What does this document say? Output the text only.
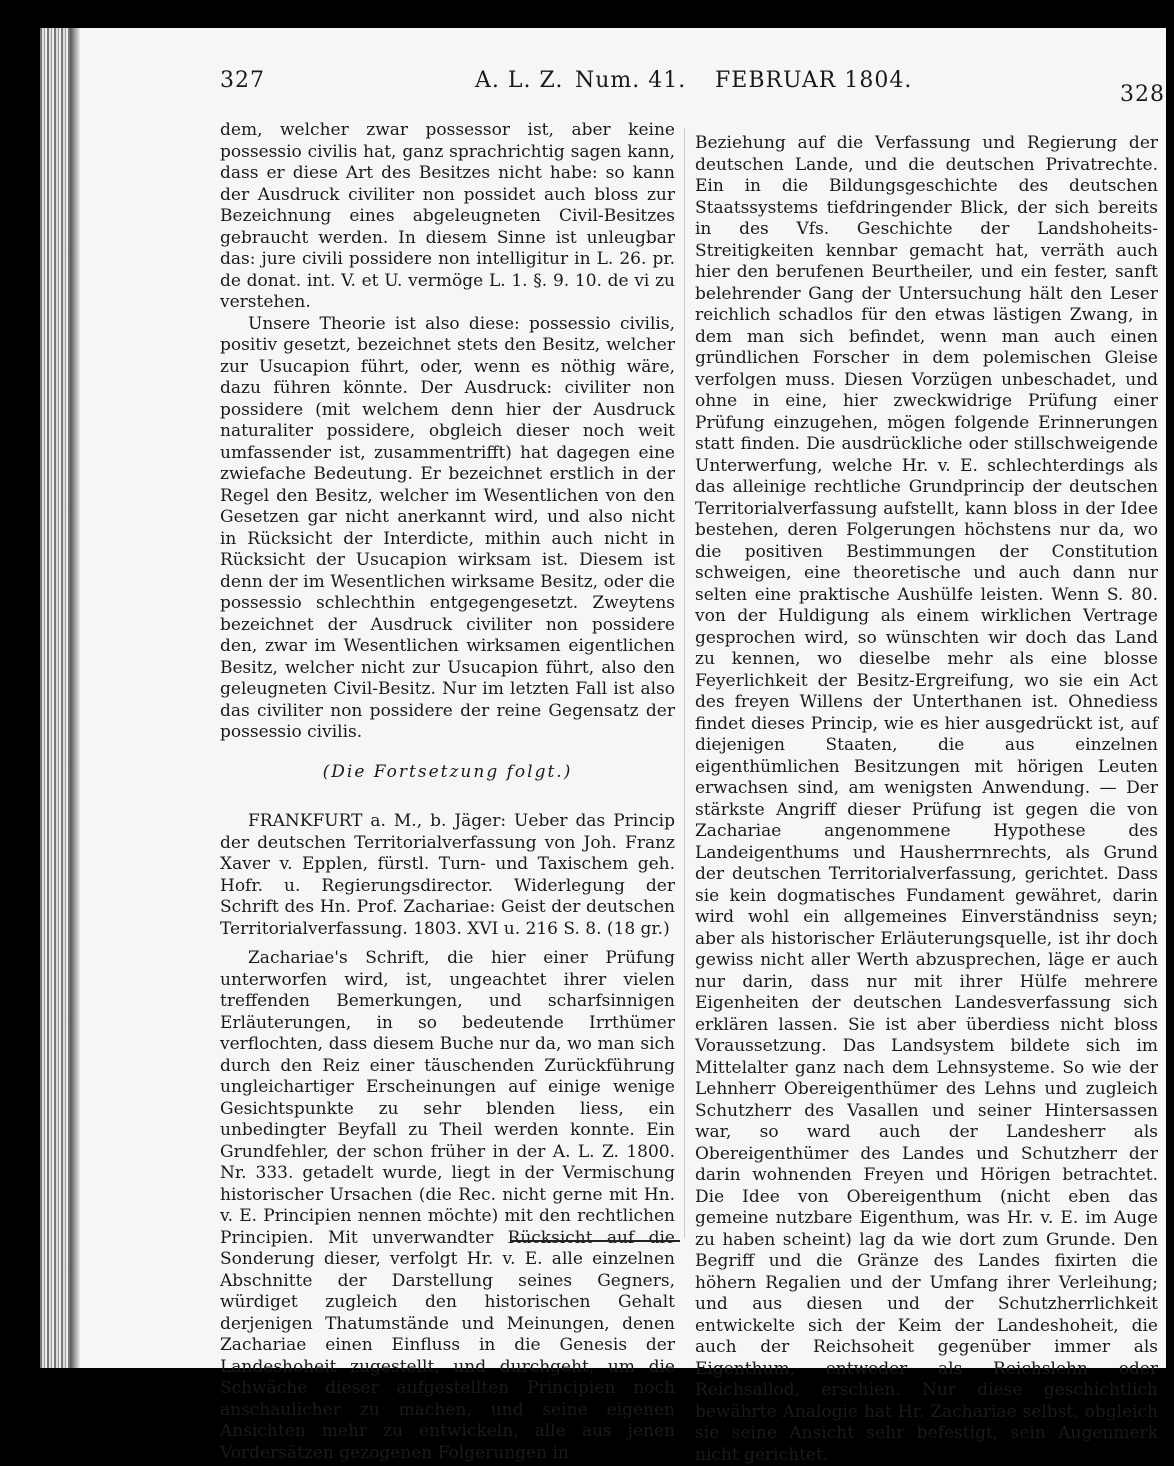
327	A. L. Z. Num. 41. FEBRUAR 1804.
328

dem, welcher zwar possessor ist, aber keine possessio civilis hat, ganz sprachrichtig sagen kann, dass er diese Art des Besitzes nicht habe: so kann der Ausdruck civiliter non possidet auch bloss zur Bezeichnung eines abgeleugneten Civil-Besitzes gebraucht werden. In diesem Sinne ist unleugbar das: jure civili possidere non intelligitur in L. 26. pr. de donat. int. V. et U. vermöge L. 1. §. 9. 10. de vi zu verstehen.

Unsere Theorie ist also diese: possessio civilis, positiv gesetzt, bezeichnet stets den Besitz, welcher zur Usucapion führt, oder, wenn es nöthig wäre, dazu führen könnte. Der Ausdruck: civiliter non possidere (mit welchem denn hier der Ausdruck naturaliter possidere, obgleich dieser noch weit umfassender ist, zusammentrifft) hat dagegen eine zwiefache Bedeutung. Er bezeichnet erstlich in der Regel den Besitz, welcher im Wesentlichen von den Gesetzen gar nicht anerkannt wird, und also nicht in Rücksicht der Interdicte, mithin auch nicht in Rücksicht der Usucapion wirksam ist. Diesem ist denn der im Wesentlichen wirksame Besitz, oder die possessio schlechthin entgegengesetzt. Zweytens bezeichnet der Ausdruck civiliter non possidere den, zwar im Wesentlichen wirksamen eigentlichen Besitz, welcher nicht zur Usucapion führt, also den geleugneten Civil-Besitz. Nur im letzten Fall ist also das civiliter non possidere der reine Gegensatz der possessio civilis.

(Die Fortsetzung folgt.)

FRANKFURT a. M., b. Jäger: Ueber das Princip der deutschen Territorialverfassung von Joh. Franz Xaver v. Epplen, fürstl. Turn- und Taxischem geh. Hofr. u. Regierungsdirector. Widerlegung der Schrift des Hn. Prof. Zachariae: Geist der deutschen Territorialverfassung. 1803. XVI u. 216 S. 8. (18 gr.)

Zachariae's Schrift, die hier einer Prüfung unterworfen wird, ist, ungeachtet ihrer vielen treffenden Bemerkungen, und scharfsinnigen Erläuterungen, in so bedeutende Irrthümer verflochten, dass diesem Buche nur da, wo man sich durch den Reiz einer täuschenden Zurückführung ungleichartiger Erscheinungen auf einige wenige Gesichtspunkte zu sehr blenden liess, ein unbedingter Beyfall zu Theil werden konnte. Ein Grundfehler, der schon früher in der A. L. Z. 1800. Nr. 333. getadelt wurde, liegt in der Vermischung historischer Ursachen (die Rec. nicht gerne mit Hn. v. E. Principien nennen möchte) mit den rechtlichen Principien. Mit unverwandter Rücksicht auf die Sonderung dieser, verfolgt Hr. v. E. alle einzelnen Abschnitte der Darstellung seines Gegners, würdiget zugleich den historischen Gehalt derjenigen Thatumstände und Meinungen, denen Zachariae einen Einfluss in die Genesis der Landeshoheit zugestellt, und durchgeht, um die Schwäche dieser aufgestellten Principien noch anschaulicher zu machen, und seine eigenen Ansichten mehr zu entwickeln, alle aus jenen Vordersätzen gezogenen Folgerungen in

Beziehung auf die Verfassung und Regierung der deutschen Lande, und die deutschen Privatrechte. Ein in die Bildungsgeschichte des deutschen Staatssystems tiefdringender Blick, der sich bereits in des Vfs. Geschichte der Landshoheits-Streitigkeiten kennbar gemacht hat, verräth auch hier den berufenen Beurtheiler, und ein fester, sanft belehrender Gang der Untersuchung hält den Leser reichlich schadlos für den etwas lästigen Zwang, in dem man sich befindet, wenn man auch einen gründlichen Forscher in dem polemischen Gleise verfolgen muss. Diesen Vorzügen unbeschadet, und ohne in eine, hier zweckwidrige Prüfung einer Prüfung einzugehen, mögen folgende Erinnerungen statt finden. Die ausdrückliche oder stillschweigende Unterwerfung, welche Hr. v. E. schlechterdings als das alleinige rechtliche Grundprincip der deutschen Territorialverfassung aufstellt, kann bloss in der Idee bestehen, deren Folgerungen höchstens nur da, wo die positiven Bestimmungen der Constitution schweigen, eine theoretische und auch dann nur selten eine praktische Aushülfe leisten. Wenn S. 80. von der Huldigung als einem wirklichen Vertrage gesprochen wird, so wünschten wir doch das Land zu kennen, wo dieselbe mehr als eine blosse Feyerlichkeit der Besitz-Ergreifung, wo sie ein Act des freyen Willens der Unterthanen ist. Ohnediess findet dieses Princip, wie es hier ausgedrückt ist, auf diejenigen Staaten, die aus einzelnen eigenthümlichen Besitzungen mit hörigen Leuten erwachsen sind, am wenigsten Anwendung. — Der stärkste Angriff dieser Prüfung ist gegen die von Zachariae angenommene Hypothese des Landeigenthums und Hausherrnrechts, als Grund der deutschen Territorialverfassung, gerichtet. Dass sie kein dogmatisches Fundament gewähret, darin wird wohl ein allgemeines Einverständniss seyn; aber als historischer Erläuterungsquelle, ist ihr doch gewiss nicht aller Werth abzusprechen, läge er auch nur darin, dass nur mit ihrer Hülfe mehrere Eigenheiten der deutschen Landesverfassung sich erklären lassen. Sie ist aber überdiess nicht bloss Voraussetzung. Das Landsystem bildete sich im Mittelalter ganz nach dem Lehnsysteme. So wie der Lehnherr Obereigenthümer des Lehns und zugleich Schutzherr des Vasallen und seiner Hintersassen war, so ward auch der Landesherr als Obereigenthümer des Landes und Schutzherr der darin wohnenden Freyen und Hörigen betrachtet. Die Idee von Obereigenthum (nicht eben das gemeine nutzbare Eigenthum, was Hr. v. E. im Auge zu haben scheint) lag da wie dort zum Grunde. Den Begriff und die Gränze des Landes fixirten die höhern Regalien und der Umfang ihrer Verleihung; und aus diesen und der Schutzherrlichkeit entwickelte sich der Keim der Landeshoheit, die auch der Reichsoheit gegenüber immer als Eigenthum, entweder als Reichslehn oder Reichsallod, erschien. Nur diese geschichtlich bewährte Analogie hat Hr. Zachariae selbst, obgleich sie seine Ansicht sehr befestigt, sein Augenmerk nicht gerichtet.
